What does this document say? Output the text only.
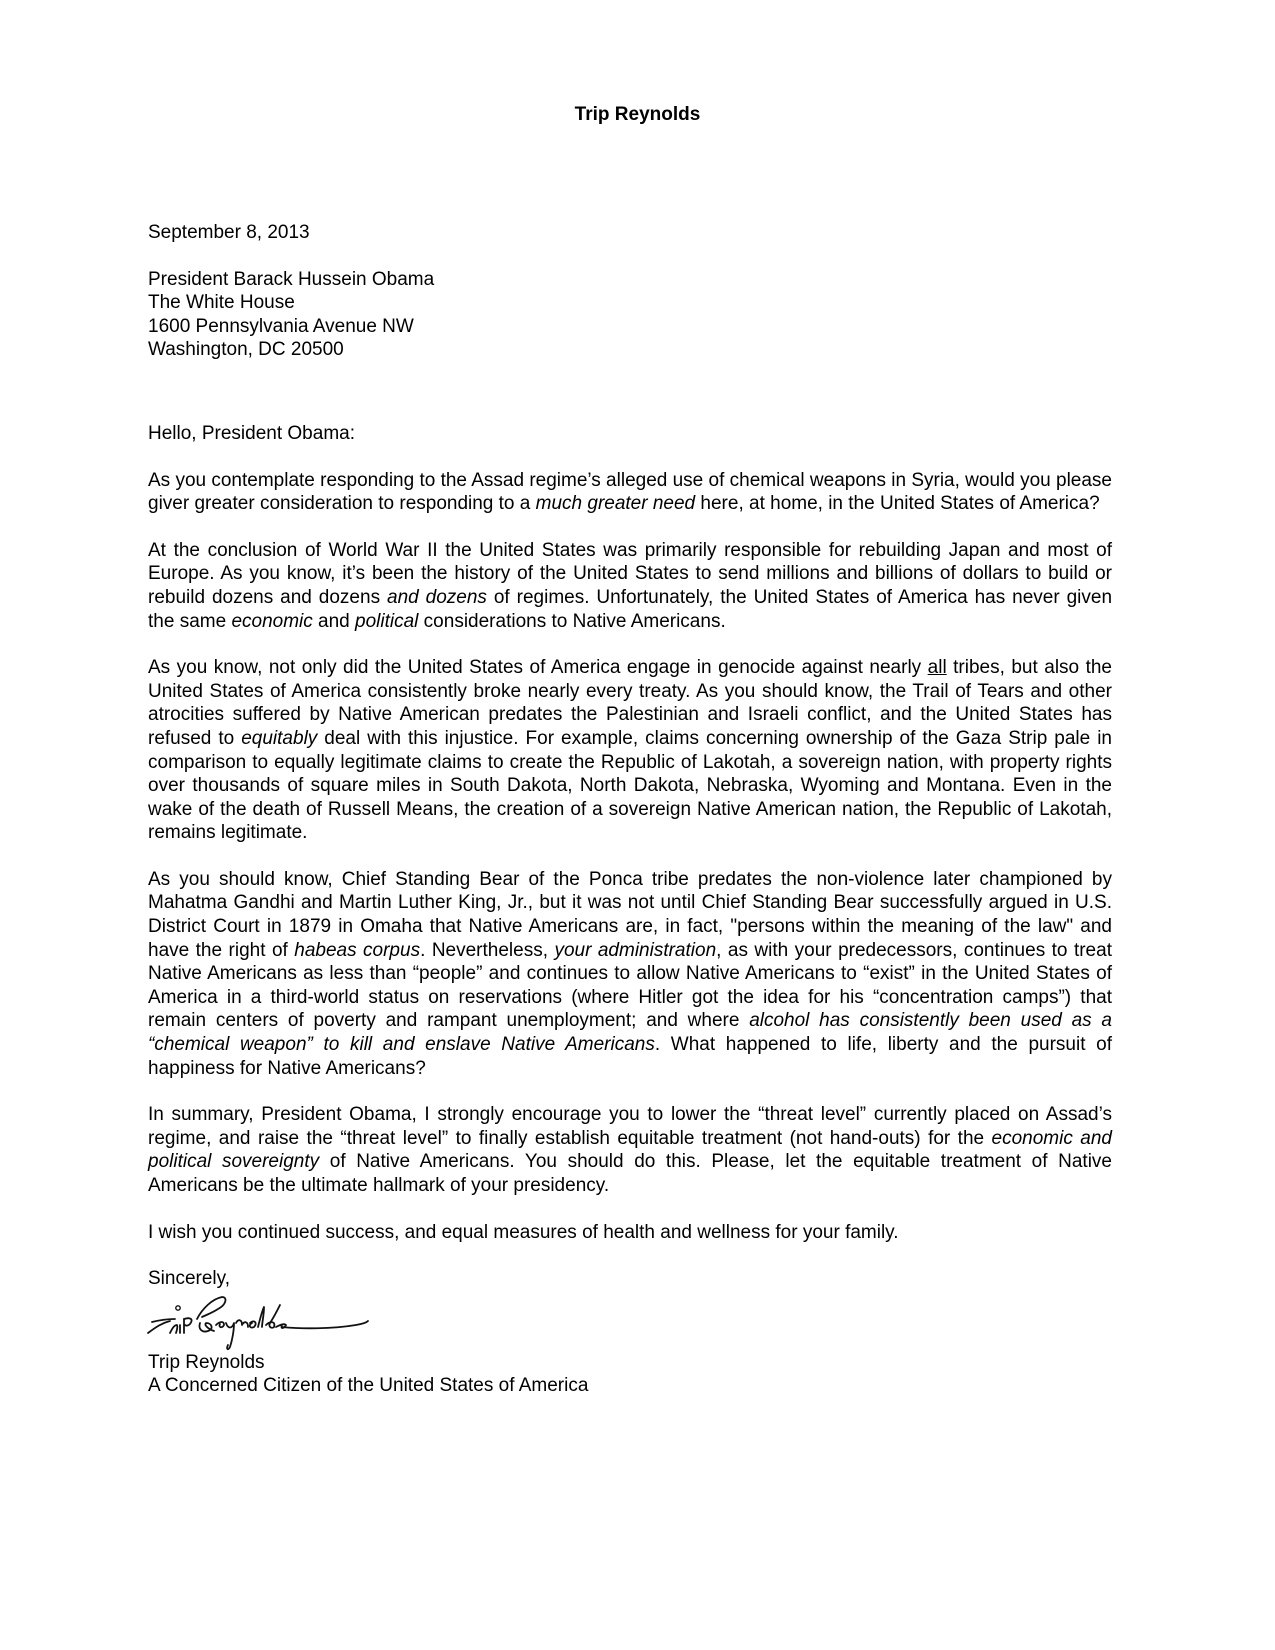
Trip Reynolds

September 8, 2013

President Barack Hussein Obama
The White House
1600 Pennsylvania Avenue NW
Washington, DC 20500

Hello, President Obama:

As you contemplate responding to the Assad regime’s alleged use of chemical weapons in Syria, would you please giver greater consideration to responding to a much greater need here, at home, in the United States of America?

At the conclusion of World War II the United States was primarily responsible for rebuilding Japan and most of Europe. As you know, it’s been the history of the United States to send millions and billions of dollars to build or rebuild dozens and dozens and dozens of regimes. Unfortunately, the United States of America has never given the same economic and political considerations to Native Americans.

As you know, not only did the United States of America engage in genocide against nearly all tribes, but also the United States of America consistently broke nearly every treaty. As you should know, the Trail of Tears and other atrocities suffered by Native American predates the Palestinian and Israeli conflict, and the United States has refused to equitably deal with this injustice. For example, claims concerning ownership of the Gaza Strip pale in comparison to equally legitimate claims to create the Republic of Lakotah, a sovereign nation, with property rights over thousands of square miles in South Dakota, North Dakota, Nebraska, Wyoming and Montana. Even in the wake of the death of Russell Means, the creation of a sovereign Native American nation, the Republic of Lakotah, remains legitimate.

As you should know, Chief Standing Bear of the Ponca tribe predates the non-violence later championed by Mahatma Gandhi and Martin Luther King, Jr., but it was not until Chief Standing Bear successfully argued in U.S. District Court in 1879 in Omaha that Native Americans are, in fact, "persons within the meaning of the law" and have the right of habeas corpus. Nevertheless, your administration, as with your predecessors, continues to treat Native Americans as less than “people” and continues to allow Native Americans to “exist” in the United States of America in a third-world status on reservations (where Hitler got the idea for his “concentration camps”) that remain centers of poverty and rampant unemployment; and where alcohol has consistently been used as a “chemical weapon” to kill and enslave Native Americans. What happened to life, liberty and the pursuit of happiness for Native Americans?

In summary, President Obama, I strongly encourage you to lower the “threat level” currently placed on Assad’s regime, and raise the “threat level” to finally establish equitable treatment (not hand-outs) for the economic and political sovereignty of Native Americans. You should do this. Please, let the equitable treatment of Native Americans be the ultimate hallmark of your presidency.

I wish you continued success, and equal measures of health and wellness for your family.

Sincerely,

Trip Reynolds

A Concerned Citizen of the United States of America
